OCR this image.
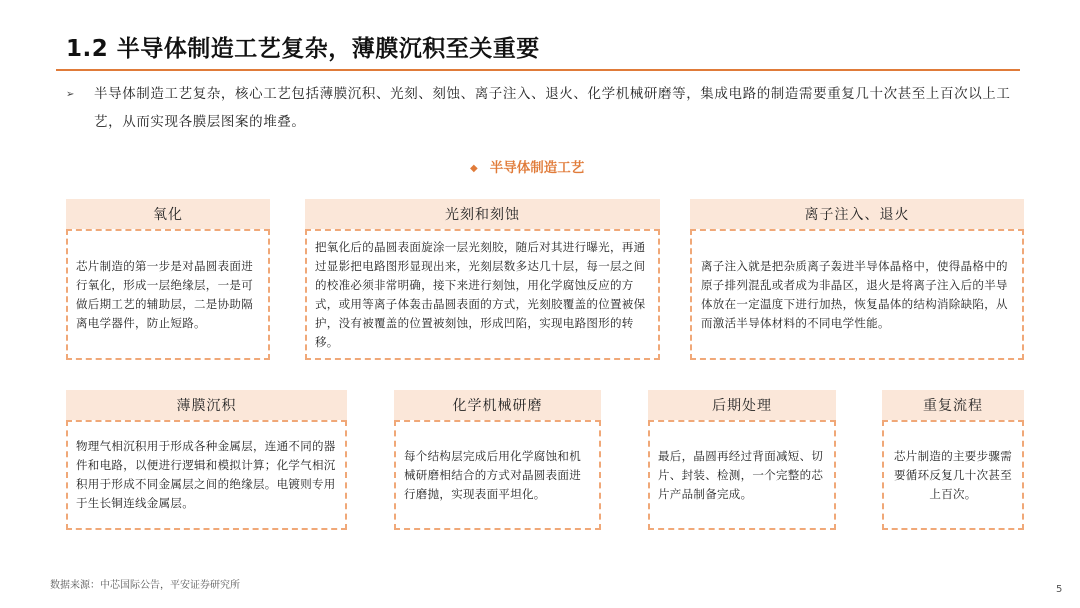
1.2 半导体制造工艺复杂，薄膜沉积至关重要
➢ 半导体制造工艺复杂，核心工艺包括薄膜沉积、光刻、刻蚀、离子注入、退火、化学机械研磨等，集成电路的制造需要重复几十次甚至上百次以上工艺，从而实现各膜层图案的堆叠。
◆ 半导体制造工艺
氧化
芯片制造的第一步是对晶圆表面进行氧化，形成一层绝缘层，一是可做后期工艺的辅助层，二是协助隔离电学器件，防止短路。
光刻和刻蚀
把氧化后的晶圆表面旋涂一层光刻胶，随后对其进行曝光，再通过显影把电路图形显现出来，光刻层数多达几十层，每一层之间的校准必须非常明确，接下来进行刻蚀，用化学腐蚀反应的方式，或用等离子体轰击晶圆表面的方式，光刻胶覆盖的位置被保护，没有被覆盖的位置被刻蚀，形成凹陷，实现电路图形的转移。
离子注入、退火
离子注入就是把杂质离子轰进半导体晶格中，使得晶格中的原子排列混乱或者成为非晶区，退火是将离子注入后的半导体放在一定温度下进行加热，恢复晶体的结构消除缺陷，从而激活半导体材料的不同电学性能。
薄膜沉积
物理气相沉积用于形成各种金属层，连通不同的器件和电路，以便进行逻辑和模拟计算；化学气相沉积用于形成不同金属层之间的绝缘层。电镀则专用于生长铜连线金属层。
化学机械研磨
每个结构层完成后用化学腐蚀和机械研磨相结合的方式对晶圆表面进行磨抛，实现表面平坦化。
后期处理
最后，晶圆再经过背面减短、切片、封装、检测，一个完整的芯片产品制备完成。
重复流程
芯片制造的主要步骤需要循环反复几十次甚至上百次。
数据来源：中芯国际公告，平安证券研究所	5
